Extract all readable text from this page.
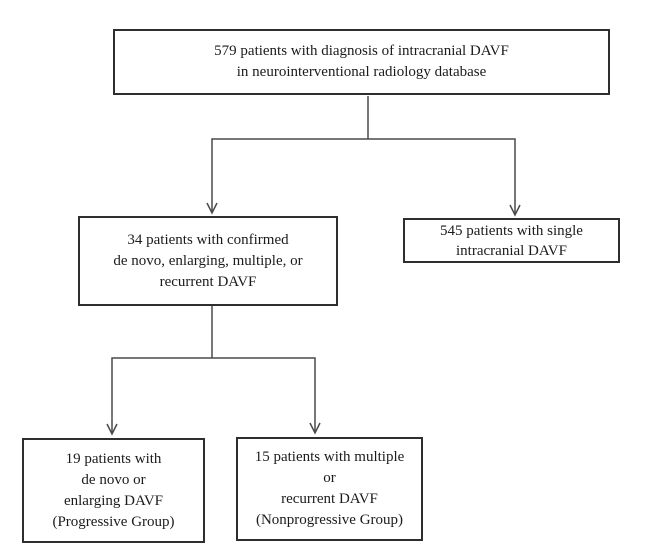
579 patients with diagnosis of intracranial DAVF
in neurointerventional radiology database
34 patients with confirmed
de novo, enlarging, multiple, or
recurrent DAVF
545 patients with single
intracranial DAVF
19 patients with
de novo or
enlarging DAVF
(Progressive Group)
15 patients with multiple
or
recurrent DAVF
(Nonprogressive Group)
